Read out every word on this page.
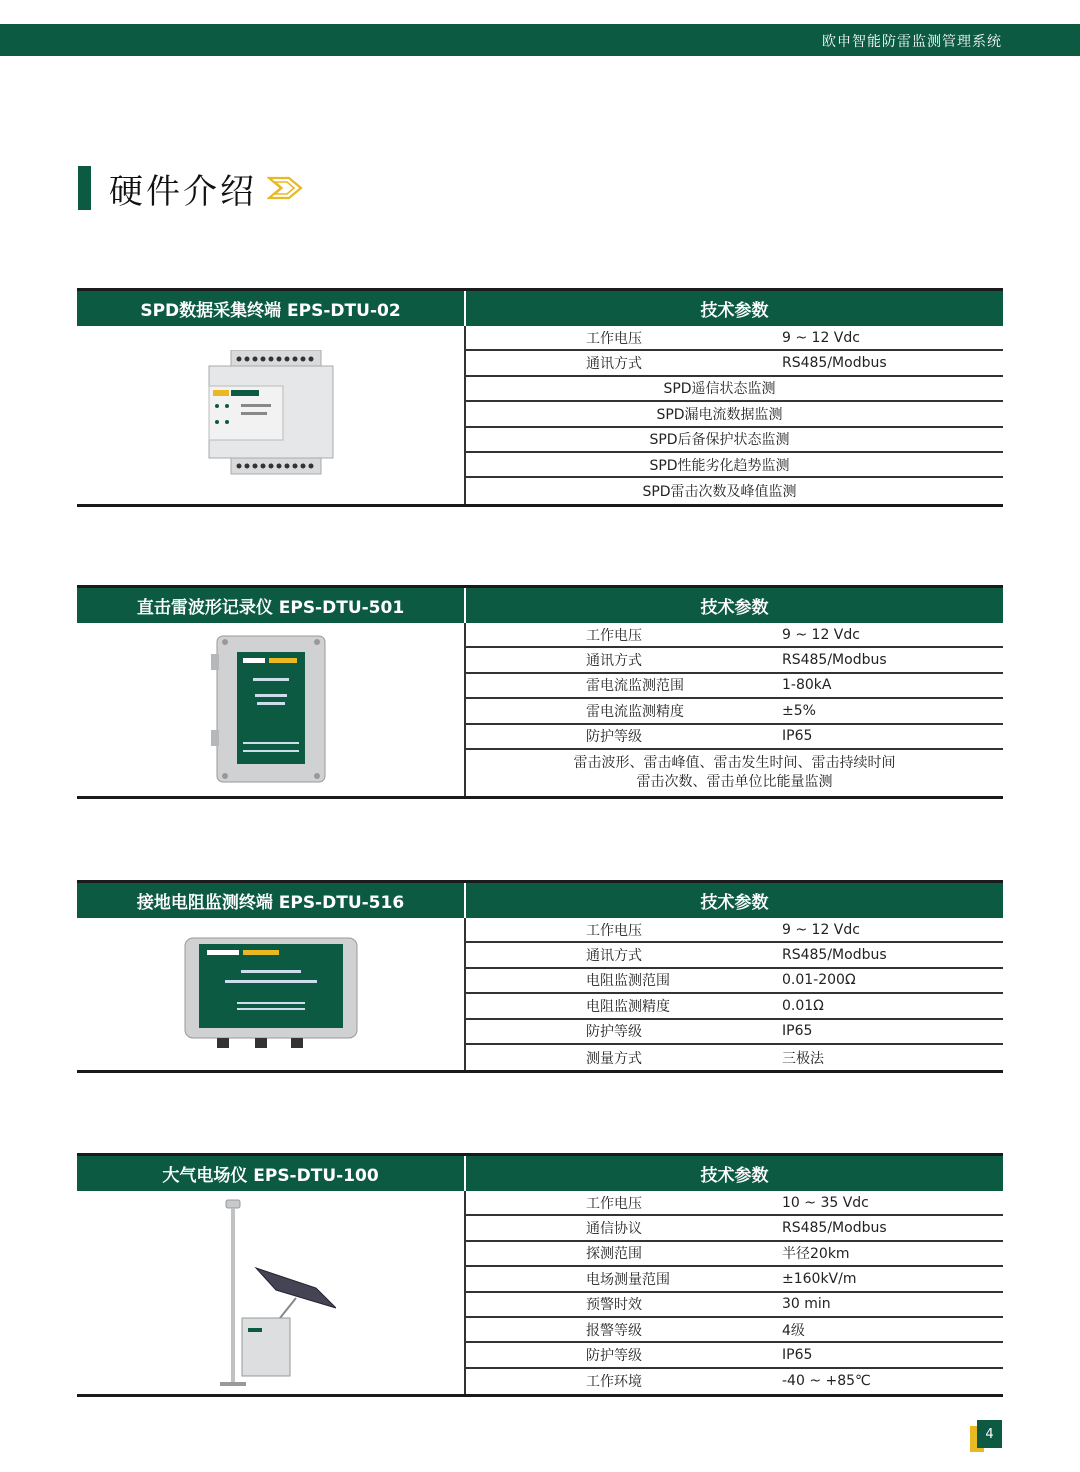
欧申智能防雷监测管理系统
硬件介绍
SPD数据采集终端 EPS-DTU-02	技术参数
工作电压	9 ~ 12 Vdc
通讯方式	RS485/Modbus
SPD遥信状态监测
SPD漏电流数据监测
SPD后备保护状态监测
SPD性能劣化趋势监测
SPD雷击次数及峰值监测
直击雷波形记录仪 EPS-DTU-501	技术参数
工作电压	9 ~ 12 Vdc
通讯方式	RS485/Modbus
雷电流监测范围	1-80kA
雷电流监测精度	±5%
防护等级	IP65
雷击波形、雷击峰值、雷击发生时间、雷击持续时间
雷击次数、雷击单位比能量监测
接地电阻监测终端 EPS-DTU-516	技术参数
工作电压	9 ~ 12 Vdc
通讯方式	RS485/Modbus
电阻监测范围	0.01-200Ω
电阻监测精度	0.01Ω
防护等级	IP65
测量方式	三极法
大气电场仪 EPS-DTU-100	技术参数
工作电压	10 ~ 35 Vdc
通信协议	RS485/Modbus
探测范围	半径20km
电场测量范围	±160kV/m
预警时效	30 min
报警等级	4级
防护等级	IP65
工作环境	-40 ~ +85℃
4
